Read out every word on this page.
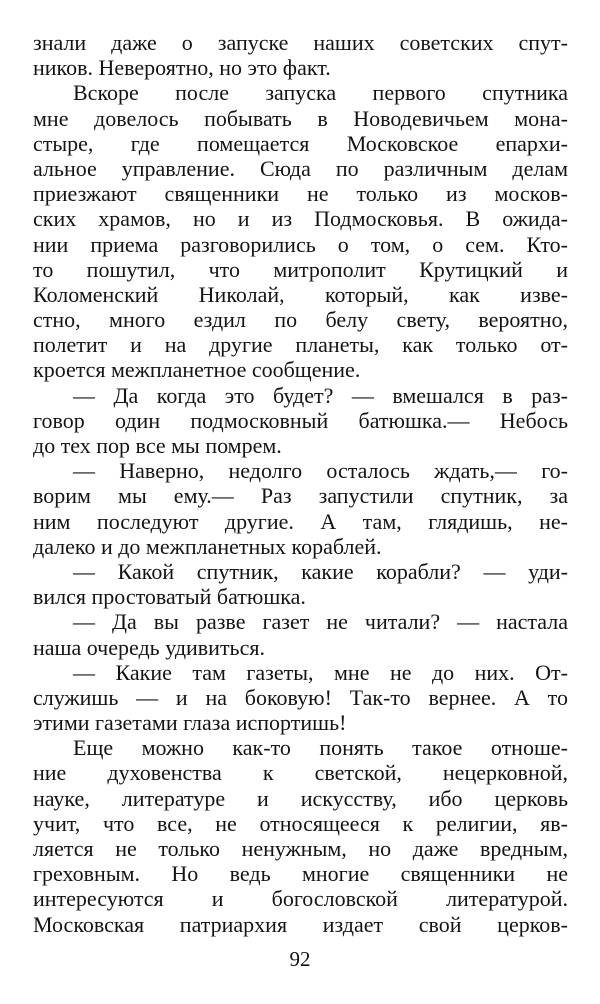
знали даже о запуске наших советских спут-
ников. Невероятно, но это факт.
Вскоре после запуска первого спутника
мне довелось побывать в Новодевичьем мона-
стыре, где помещается Московское епархи-
альное управление. Сюда по различным делам
приезжают священники не только из москов-
ских храмов, но и из Подмосковья. В ожида-
нии приема разговорились о том, о сем. Кто-
то пошутил, что митрополит Крутицкий и
Коломенский Николай, который, как изве-
стно, много ездил по белу свету, вероятно,
полетит и на другие планеты, как только от-
кроется межпланетное сообщение.
— Да когда это будет? — вмешался в раз-
говор один подмосковный батюшка.— Небось
до тех пор все мы помрем.
— Наверно, недолго осталось ждать,— го-
ворим мы ему.— Раз запустили спутник, за
ним последуют другие. А там, глядишь, не-
далеко и до межпланетных кораблей.
— Какой спутник, какие корабли? — уди-
вился простоватый батюшка.
— Да вы разве газет не читали? — настала
наша очередь удивиться.
— Какие там газеты, мне не до них. От-
служишь — и на боковую! Так-то вернее. А то
этими газетами глаза испортишь!
Еще можно как-то понять такое отноше-
ние духовенства к светской, нецерковной,
науке, литературе и искусству, ибо церковь
учит, что все, не относящееся к религии, яв-
ляется не только ненужным, но даже вредным,
греховным. Но ведь многие священники не
интересуются и богословской литературой.
Московская патриархия издает свой церков-
92
